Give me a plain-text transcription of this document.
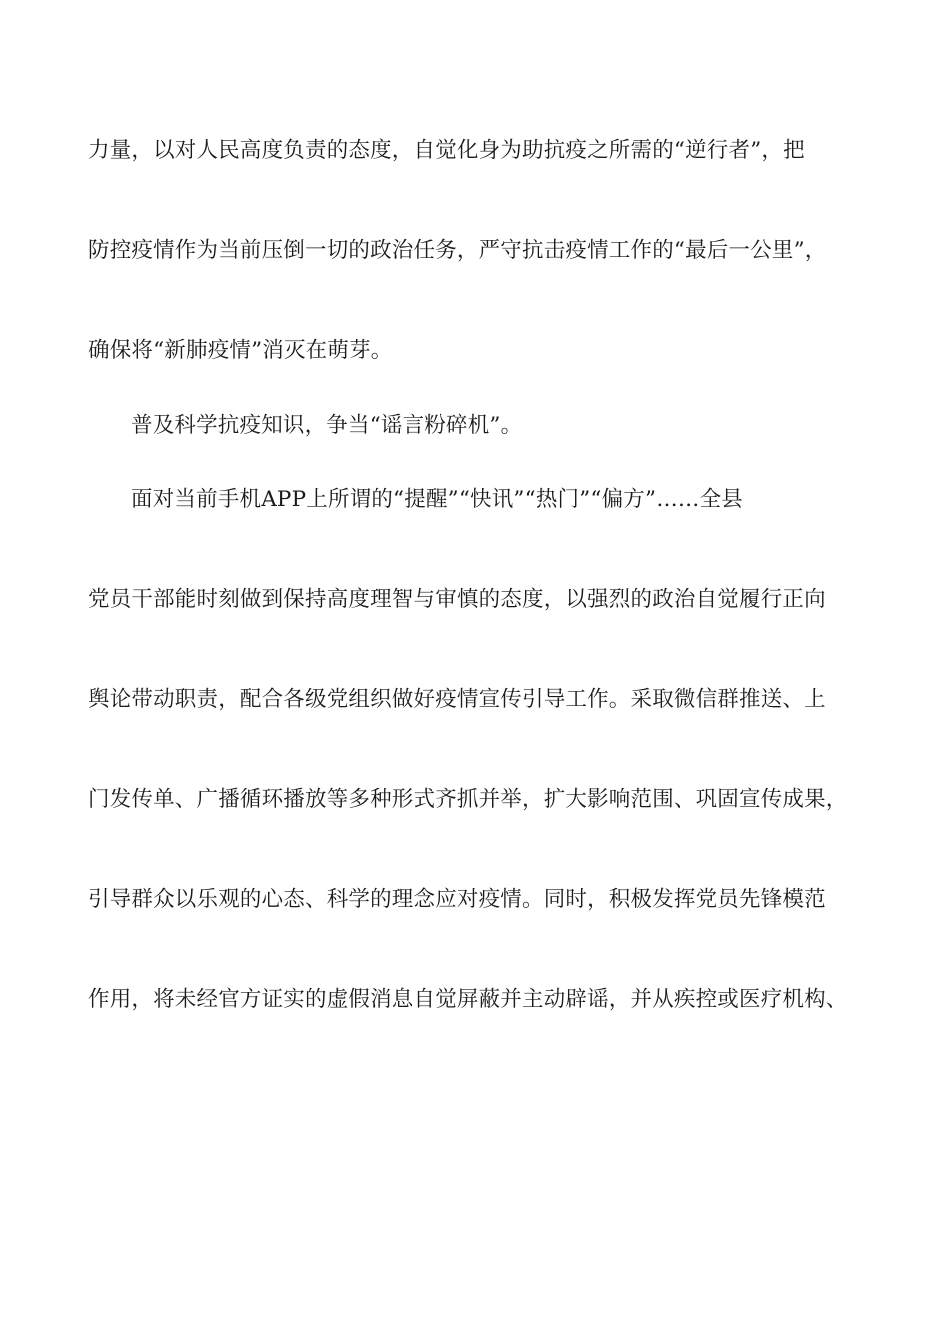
力量，以对人民高度负责的态度，自觉化身为助抗疫之所需的“逆行者”，把
防控疫情作为当前压倒一切的政治任务，严守抗击疫情工作的“最后一公里”，
确保将“新肺疫情”消灭在萌芽。
普及科学抗疫知识，争当“谣言粉碎机”。
面对当前手机APP上所谓的“提醒”“快讯”“热门”“偏方”……全县
党员干部能时刻做到保持高度理智与审慎的态度，以强烈的政治自觉履行正向
舆论带动职责，配合各级党组织做好疫情宣传引导工作。采取微信群推送、上
门发传单、广播循环播放等多种形式齐抓并举，扩大影响范围、巩固宣传成果，
引导群众以乐观的心态、科学的理念应对疫情。同时，积极发挥党员先锋模范
作用，将未经官方证实的虚假消息自觉屏蔽并主动辟谣，并从疾控或医疗机构、
